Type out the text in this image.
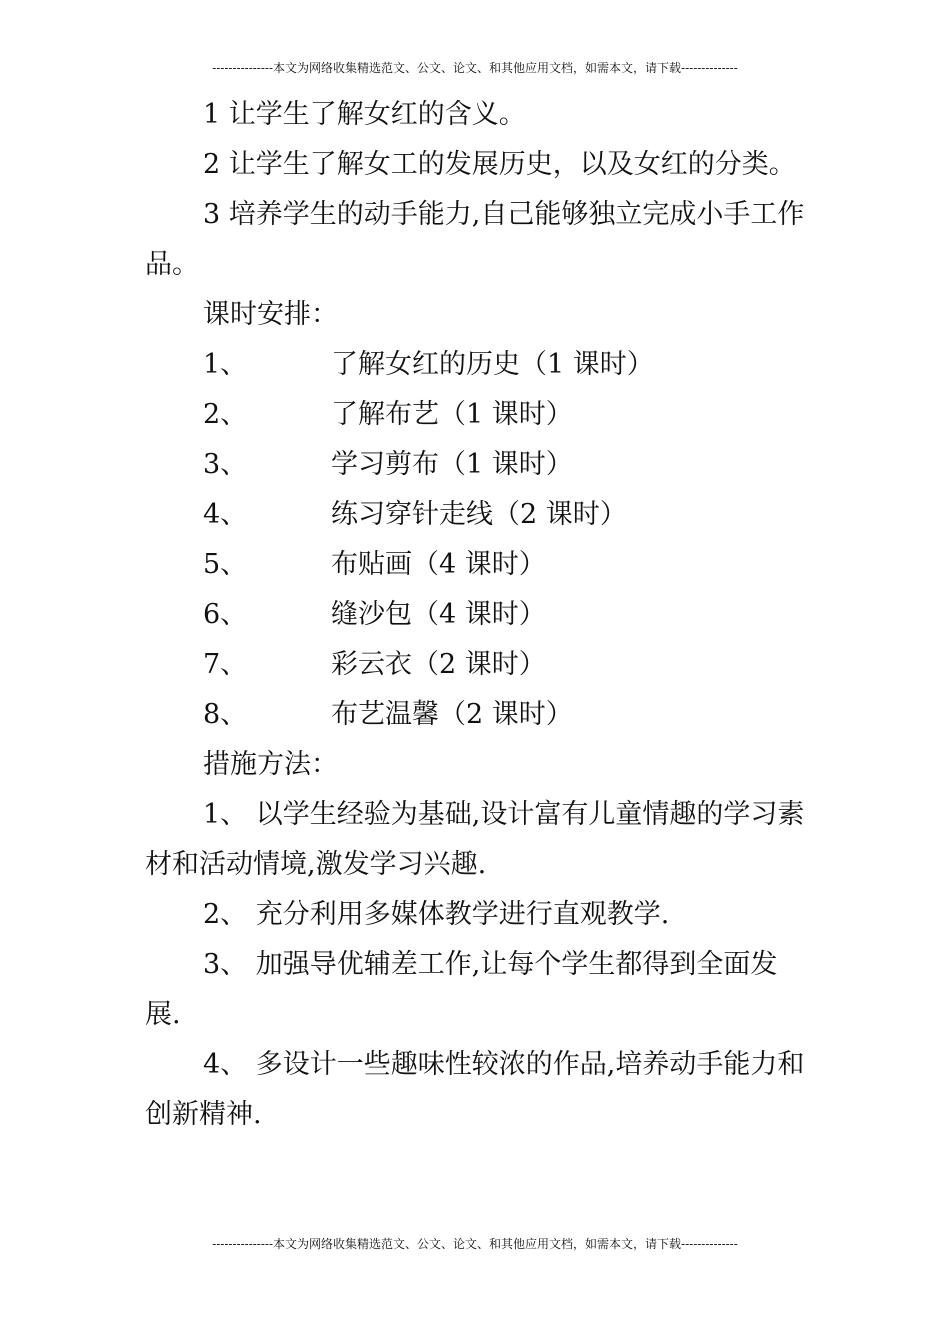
---------------本文为网络收集精选范文、公文、论文、和其他应用文档，如需本文，请下载--------------

1 让学生了解女红的含义。

2 让学生了解女工的发展历史，以及女红的分类。

3 培养学生的动手能力,自己能够独立完成小手工作品。

课时安排：
1、	了解女红的历史（1 课时）
2、	了解布艺（1 课时）
3、	学习剪布（1 课时）
4、	练习穿针走线（2 课时）
5、	布贴画（4 课时）
6、	缝沙包（4 课时）
7、	彩云衣（2 课时）
8、	布艺温馨（2 课时）
措施方法：

1、 以学生经验为基础,设计富有儿童情趣的学习素材和活动情境,激发学习兴趣.

2、 充分利用多媒体教学进行直观教学.

3、 加强导优辅差工作,让每个学生都得到全面发展.

4、 多设计一些趣味性较浓的作品,培养动手能力和创新精神.

---------------本文为网络收集精选范文、公文、论文、和其他应用文档，如需本文，请下载--------------
